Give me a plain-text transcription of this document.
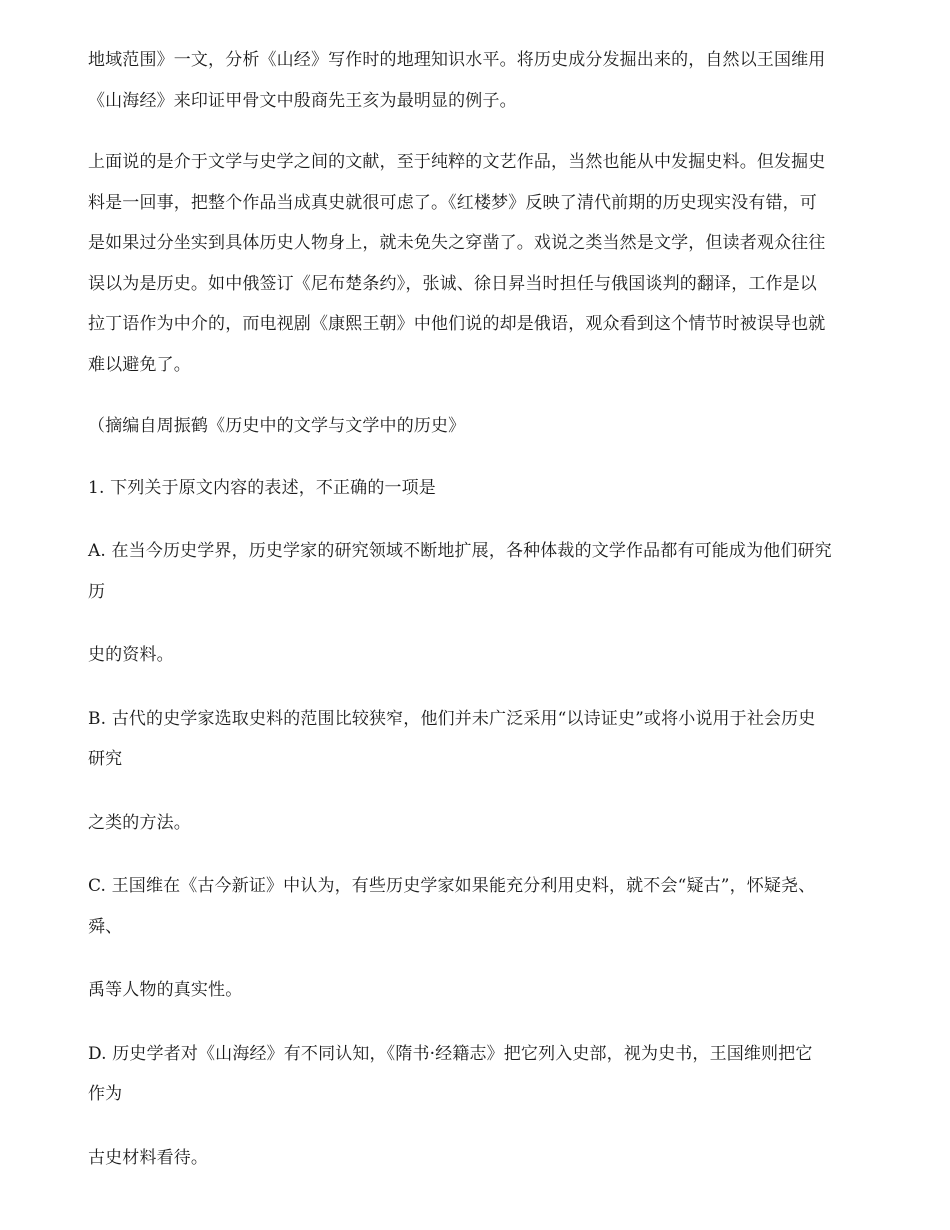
地域范围》一文，分析《山经》写作时的地理知识水平。将历史成分发掘出来的，自然以王国维用
《山海经》来印证甲骨文中殷商先王亥为最明显的例子。

上面说的是介于文学与史学之间的文献，至于纯粹的文艺作品，当然也能从中发掘史料。但发掘史
料是一回事，把整个作品当成真史就很可虑了。《红楼梦》反映了清代前期的历史现实没有错，可
是如果过分坐实到具体历史人物身上，就未免失之穿凿了。戏说之类当然是文学，但读者观众往往
误以为是历史。如中俄签订《尼布楚条约》，张诚、徐日昇当时担任与俄国谈判的翻译，工作是以
拉丁语作为中介的，而电视剧《康熙王朝》中他们说的却是俄语，观众看到这个情节时被误导也就
难以避免了。

（摘编自周振鹤《历史中的文学与文学中的历史》

1. 下列关于原文内容的表述，不正确的一项是

A. 在当今历史学界，历史学家的研究领域不断地扩展，各种体裁的文学作品都有可能成为他们研究
历

史的资料。

B. 古代的史学家选取史料的范围比较狭窄，他们并未广泛采用“以诗证史”或将小说用于社会历史
研究

之类的方法。

C. 王国维在《古今新证》中认为，有些历史学家如果能充分利用史料，就不会“疑古”，怀疑尧、
舜、

禹等人物的真实性。

D. 历史学者对《山海经》有不同认知，《隋书·经籍志》把它列入史部，视为史书，王国维则把它
作为

古史材料看待。
